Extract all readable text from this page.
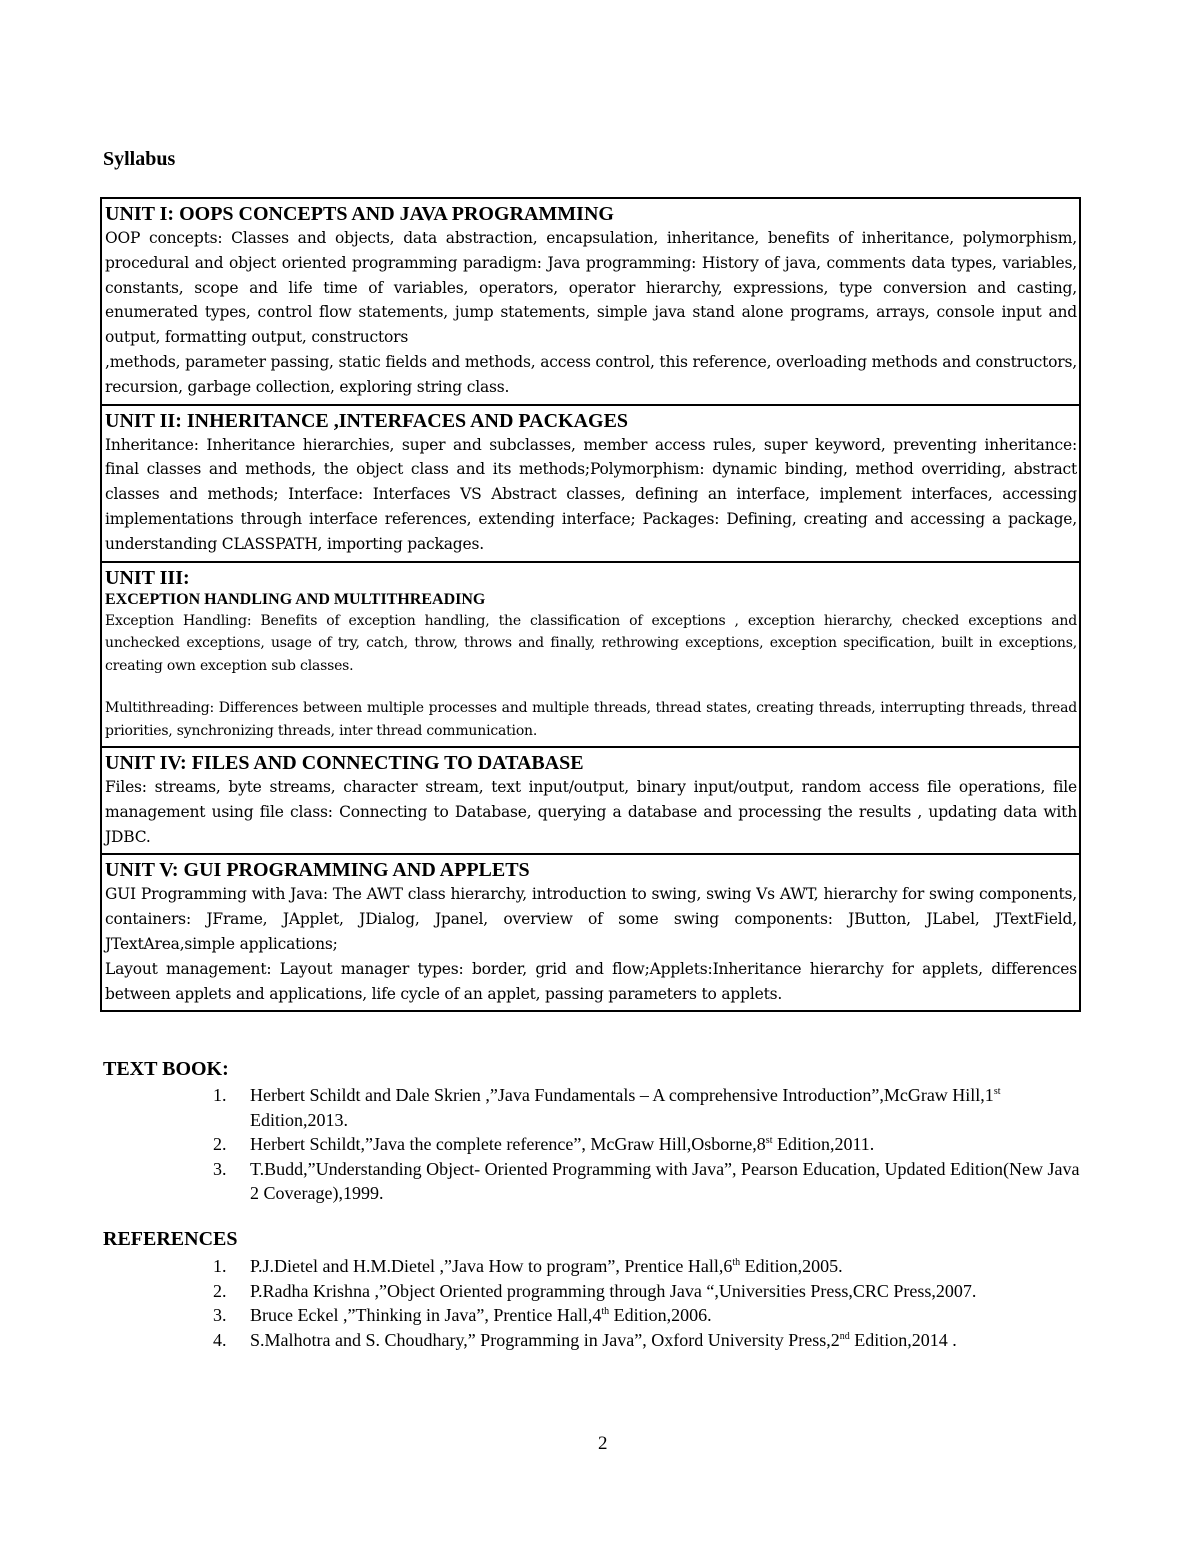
Syllabus
UNIT I: OOPS CONCEPTS AND JAVA PROGRAMMING
OOP concepts: Classes and objects, data abstraction, encapsulation, inheritance, benefits of inheritance, polymorphism, procedural and object oriented programming paradigm: Java programming: History of java, comments data types, variables, constants, scope and life time of variables, operators, operator hierarchy, expressions, type conversion and casting, enumerated types, control flow statements, jump statements, simple java stand alone programs, arrays, console input and output, formatting output, constructors
,methods, parameter passing, static fields and methods, access control, this reference, overloading methods and constructors, recursion, garbage collection, exploring string class.
UNIT II: INHERITANCE ,INTERFACES AND PACKAGES
Inheritance: Inheritance hierarchies, super and subclasses, member access rules, super keyword, preventing inheritance: final classes and methods, the object class and its methods;Polymorphism: dynamic binding, method overriding, abstract classes and methods; Interface: Interfaces VS Abstract classes, defining an interface, implement interfaces, accessing implementations through interface references, extending interface; Packages: Defining, creating and accessing a package, understanding CLASSPATH, importing packages.
UNIT III:
EXCEPTION HANDLING AND MULTITHREADING
Exception Handling: Benefits of exception handling, the classification of exceptions , exception hierarchy, checked exceptions and unchecked exceptions, usage of try, catch, throw, throws and finally, rethrowing exceptions, exception specification, built in exceptions, creating own exception sub classes.
Multithreading: Differences between multiple processes and multiple threads, thread states, creating threads, interrupting threads, thread priorities, synchronizing threads, inter thread communication.
UNIT IV: FILES AND CONNECTING TO DATABASE
Files: streams, byte streams, character stream, text input/output, binary input/output, random access file operations, file management using file class: Connecting to Database, querying a database and processing the results , updating data with JDBC.
UNIT V: GUI PROGRAMMING AND APPLETS
GUI Programming with Java: The AWT class hierarchy, introduction to swing, swing Vs AWT, hierarchy for swing components, containers: JFrame, JApplet, JDialog, Jpanel, overview of some swing components: JButton, JLabel, JTextField, JTextArea,simple applications;
Layout management: Layout manager types: border, grid and flow;Applets:Inheritance hierarchy for applets, differences between applets and applications, life cycle of an applet, passing parameters to applets.
TEXT BOOK:
1. Herbert Schildt and Dale Skrien ,”Java Fundamentals – A comprehensive Introduction”,McGraw Hill,1st Edition,2013.
2. Herbert Schildt,”Java the complete reference”, McGraw Hill,Osborne,8st Edition,2011.
3. T.Budd,”Understanding Object- Oriented Programming with Java”, Pearson Education, Updated Edition(New Java 2 Coverage),1999.
REFERENCES
1. P.J.Dietel and H.M.Dietel ,”Java How to program”, Prentice Hall,6th Edition,2005.
2. P.Radha Krishna ,”Object Oriented programming through Java “,Universities Press,CRC Press,2007.
3. Bruce Eckel ,”Thinking in Java”, Prentice Hall,4th Edition,2006.
4. S.Malhotra and S. Choudhary,” Programming in Java”, Oxford University Press,2nd Edition,2014 .
2
